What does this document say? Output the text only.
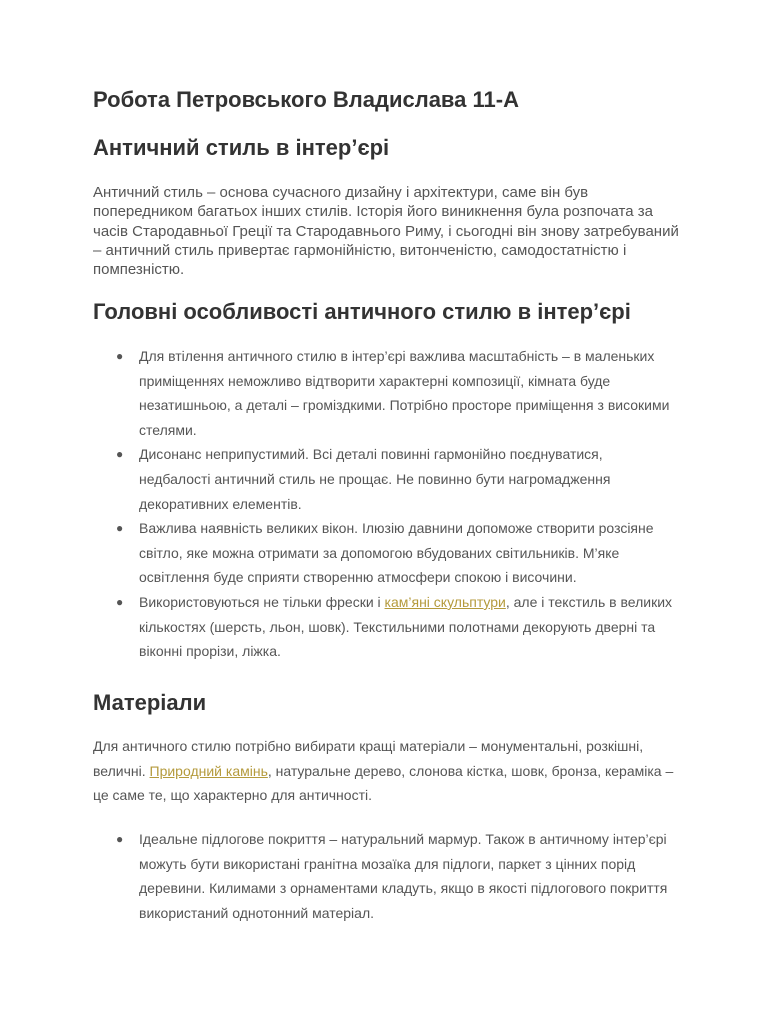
Робота Петровського Владислава 11-А
Античний стиль в інтер’єрі

Античний стиль – основа сучасного дизайну і архітектури, саме він був попередником багатьох інших стилів. Історія його виникнення була розпочата за часів Стародавньої Греції та Стародавнього Риму, і сьогодні він знову затребуваний – античний стиль привертає гармонійністю, витонченістю, самодостатністю і помпезністю.

Головні особливості античного стилю в інтер’єрі
● Для втілення античного стилю в інтер’єрі важлива масштабність – в маленьких приміщеннях неможливо відтворити характерні композиції, кімната буде незатишньою, а деталі – громіздкими. Потрібно просторе приміщення з високими стелями.
● Дисонанс неприпустимий. Всі деталі повинні гармонійно поєднуватися, недбалості античний стиль не прощає. Не повинно бути нагромадження декоративних елементів.
● Важлива наявність великих вікон. Ілюзію давнини допоможе створити розсіяне світло, яке можна отримати за допомогою вбудованих світильників. М’яке освітлення буде сприяти створенню атмосфери спокою і височини.
● Використовуються не тільки фрески і кам’яні скульптури, але і текстиль в великих кількостях (шерсть, льон, шовк). Текстильними полотнами декорують дверні та віконні прорізи, ліжка.
Матеріали

Для античного стилю потрібно вибирати кращі матеріали – монументальні, розкішні, величні. Природний камінь, натуральне дерево, слонова кістка, шовк, бронза, кераміка – це саме те, що характерно для античності.

● Ідеальне підлогове покриття – натуральний мармур. Також в античному інтер’єрі можуть бути використані гранітна мозаїка для підлоги, паркет з цінних порід деревини. Килимами з орнаментами кладуть, якщо в якості підлогового покриття використаний однотонний матеріал.
